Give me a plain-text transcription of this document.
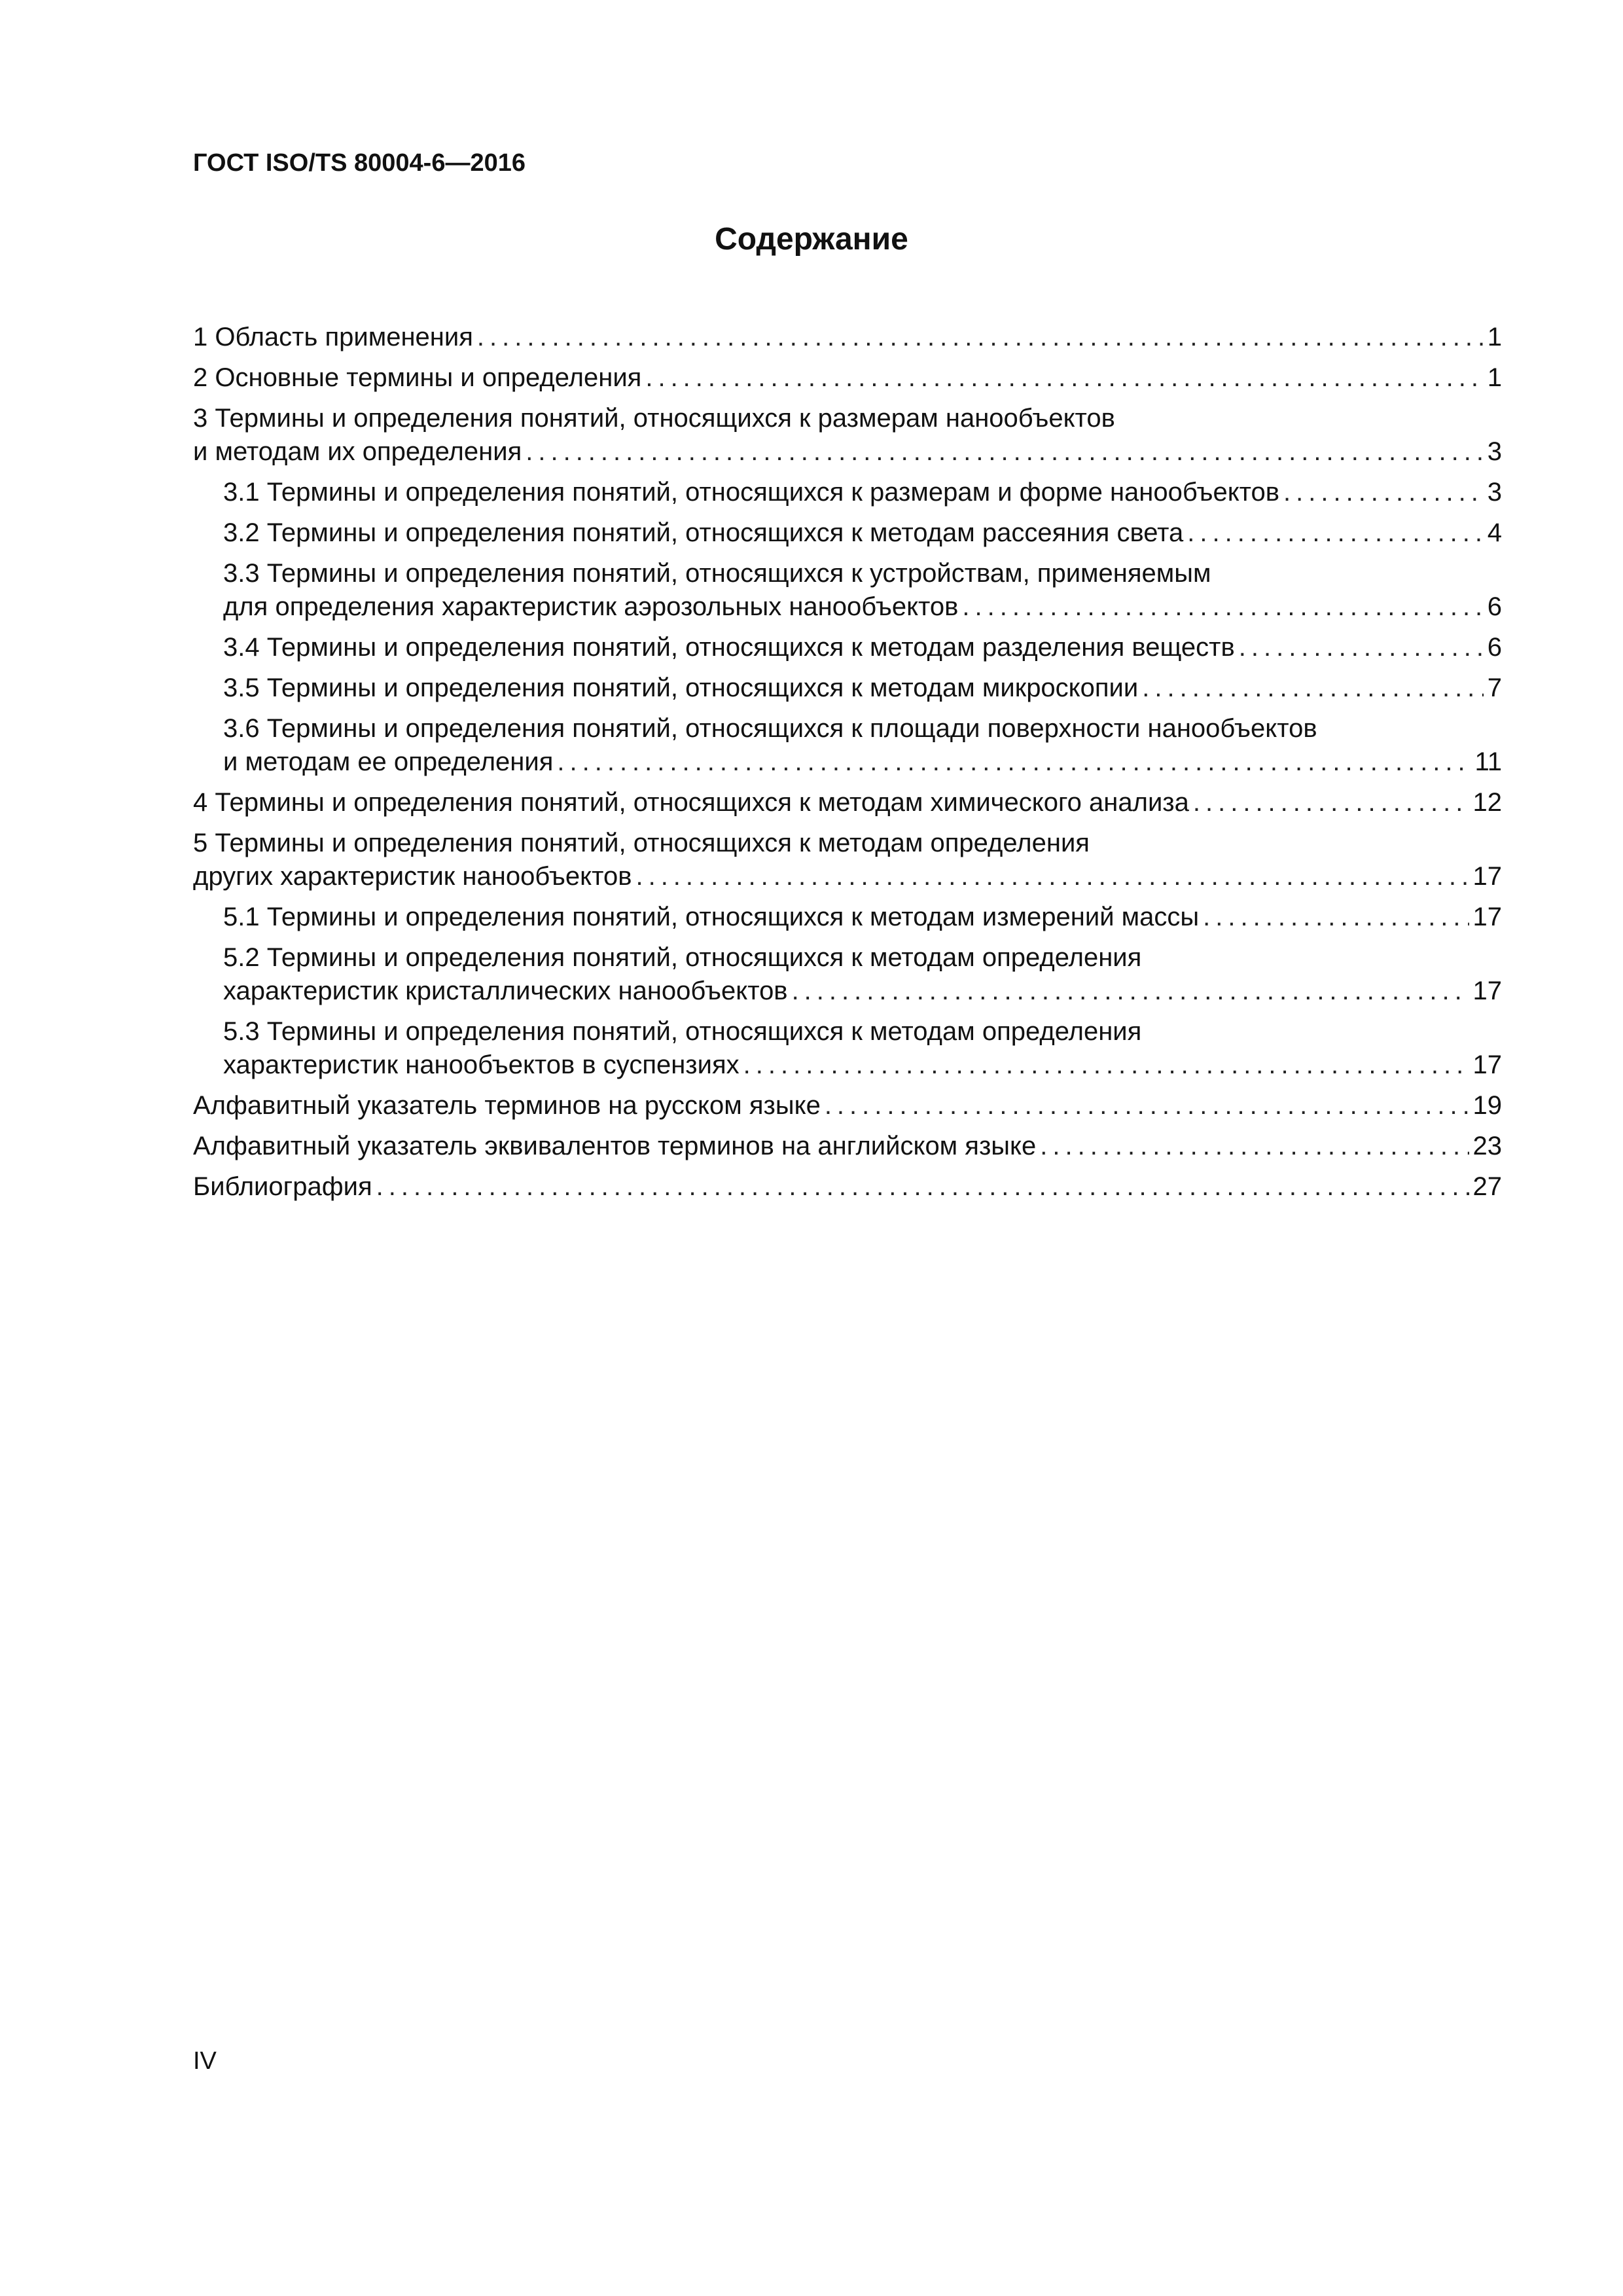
ГОСТ ISO/TS 80004-6—2016
Содержание
1 Область применения .....	1
2 Основные термины и определения .....	1
3 Термины и определения понятий, относящихся к размерам нанообъектов
и методам их определения .....	3
3.1 Термины и определения понятий, относящихся к размерам и форме нанообъектов .....	3
3.2 Термины и определения понятий, относящихся к методам рассеяния света .....	4
3.3 Термины и определения понятий, относящихся к устройствам, применяемым
для определения характеристик аэрозольных нанообъектов .....	6
3.4 Термины и определения понятий, относящихся к методам разделения веществ .....	6
3.5 Термины и определения понятий, относящихся к методам микроскопии .....	7
3.6 Термины и определения понятий, относящихся к площади поверхности нанообъектов
и методам ее определения .....	11
4 Термины и определения понятий, относящихся к методам химического анализа .....	12
5 Термины и определения понятий, относящихся к методам определения
других характеристик нанообъектов .....	17
5.1 Термины и определения понятий, относящихся к методам измерений массы .....	17
5.2 Термины и определения понятий, относящихся к методам определения
характеристик кристаллических нанообъектов .....	17
5.3 Термины и определения понятий, относящихся к методам определения
характеристик нанообъектов в суспензиях .....	17
Алфавитный указатель терминов на русском языке .....	19
Алфавитный указатель эквивалентов терминов на английском языке .....	23
Библиография .....	27
IV
